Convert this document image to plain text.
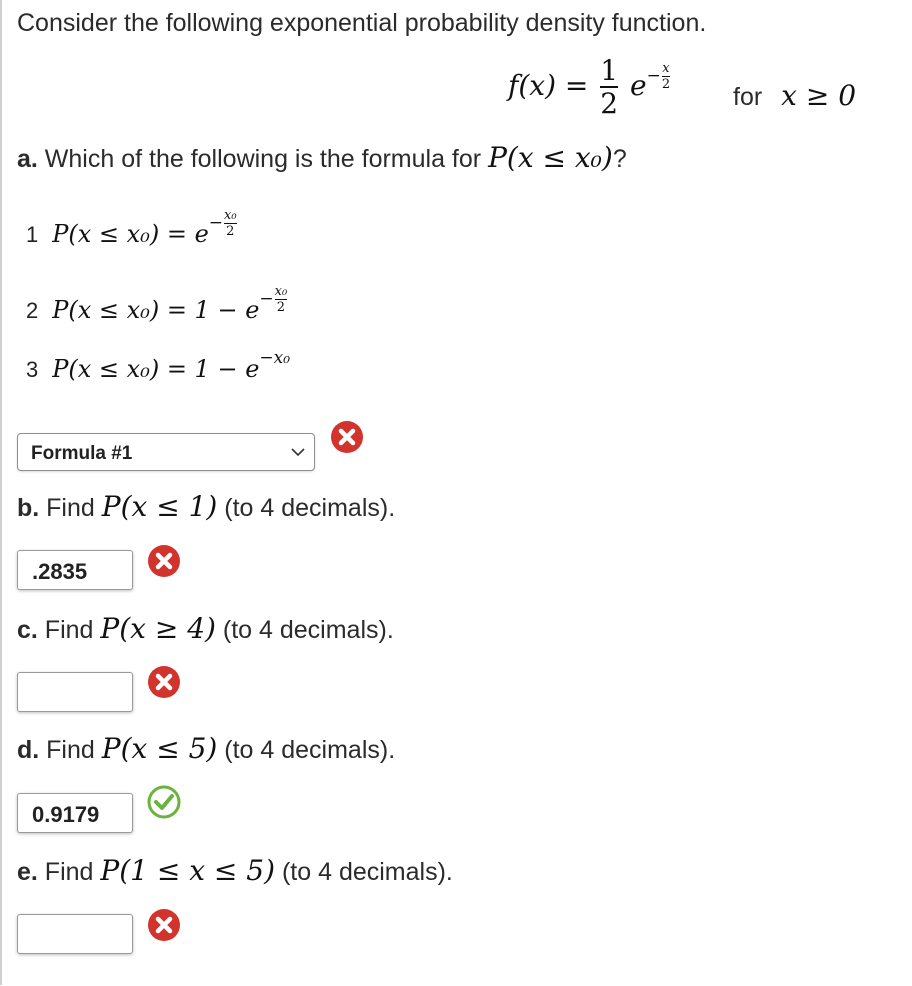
Consider the following exponential probability density function.
$f(x) = \frac{1}{2} e^{-\frac{x}{2}}$
for x ≥ 0
a. Which of the following is the formula for P(x ≤ x₀)?
1 $P(x \le x_0) = e^{-\frac{\text{x₀}}{2}}$
2 $P(x \le x_0) = 1 - e^{-\frac{\text{x₀}}{2}}$
3 $P(x \le x_0) = 1 - e^{-x_0}$
Formula #1
b. Find P(x ≤ 1) (to 4 decimals).
.2835
c. Find P(x ≥ 4) (to 4 decimals).
d. Find P(x ≤ 5) (to 4 decimals).
0.9179
e. Find P(1 ≤ x ≤ 5) (to 4 decimals).
